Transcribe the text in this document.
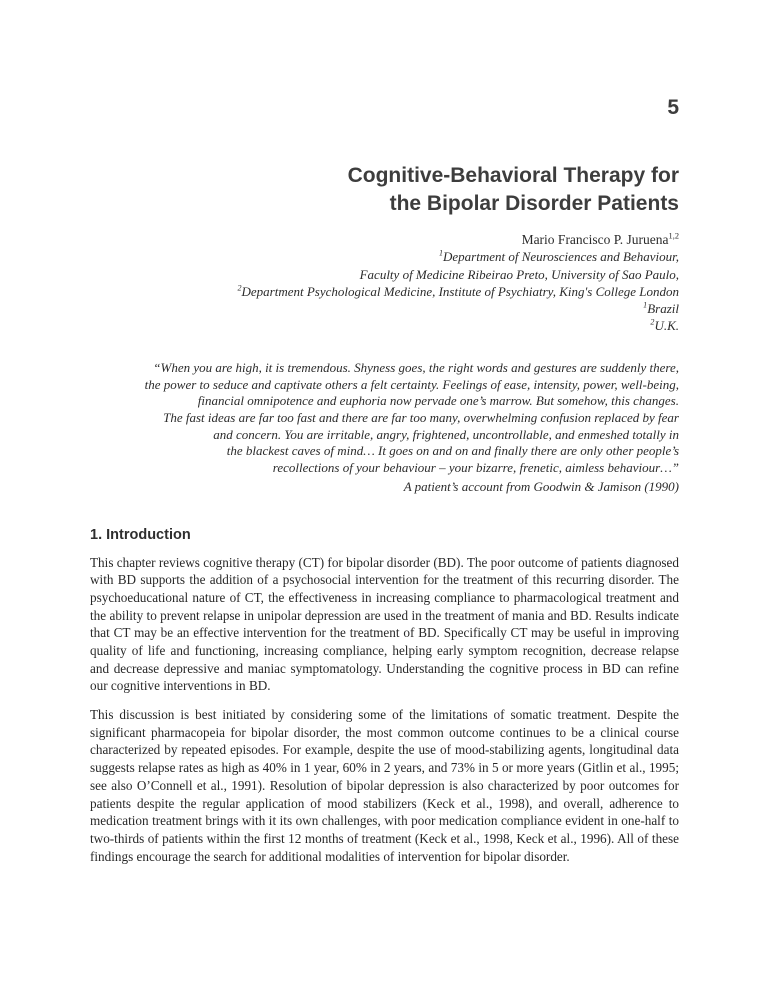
5
Cognitive-Behavioral Therapy for
the Bipolar Disorder Patients
Mario Francisco P. Juruena$^{1,2}$
$^1$Department of Neurosciences and Behaviour,
Faculty of Medicine Ribeirao Preto, University of Sao Paulo,
$^2$Department Psychological Medicine, Institute of Psychiatry, King's College London
$^1$Brazil
$^2$U.K.
“When you are high, it is tremendous. Shyness goes, the right words and gestures are suddenly there,
the power to seduce and captivate others a felt certainty. Feelings of ease, intensity, power, well-being,
financial omnipotence and euphoria now pervade one’s marrow. But somehow, this changes.
The fast ideas are far too fast and there are far too many, overwhelming confusion replaced by fear
and concern. You are irritable, angry, frightened, uncontrollable, and enmeshed totally in
the blackest caves of mind… It goes on and on and finally there are only other people’s
recollections of your behaviour – your bizarre, frenetic, aimless behaviour…”
A patient’s account from Goodwin & Jamison (1990)
1. Introduction

This chapter reviews cognitive therapy (CT) for bipolar disorder (BD). The poor outcome of patients diagnosed with BD supports the addition of a psychosocial intervention for the treatment of this recurring disorder. The psychoeducational nature of CT, the effectiveness in increasing compliance to pharmacological treatment and the ability to prevent relapse in unipolar depression are used in the treatment of mania and BD. Results indicate that CT may be an effective intervention for the treatment of BD. Specifically CT may be useful in improving quality of life and functioning, increasing compliance, helping early symptom recognition, decrease relapse and decrease depressive and maniac symptomatology. Understanding the cognitive process in BD can refine our cognitive interventions in BD.

This discussion is best initiated by considering some of the limitations of somatic treatment. Despite the significant pharmacopeia for bipolar disorder, the most common outcome continues to be a clinical course characterized by repeated episodes. For example, despite the use of mood-stabilizing agents, longitudinal data suggests relapse rates as high as 40% in 1 year, 60% in 2 years, and 73% in 5 or more years (Gitlin et al., 1995; see also O’Connell et al., 1991). Resolution of bipolar depression is also characterized by poor outcomes for patients despite the regular application of mood stabilizers (Keck et al., 1998), and overall, adherence to medication treatment brings with it its own challenges, with poor medication compliance evident in one-half to two-thirds of patients within the first 12 months of treatment (Keck et al., 1998, Keck et al., 1996). All of these findings encourage the search for additional modalities of intervention for bipolar disorder.
